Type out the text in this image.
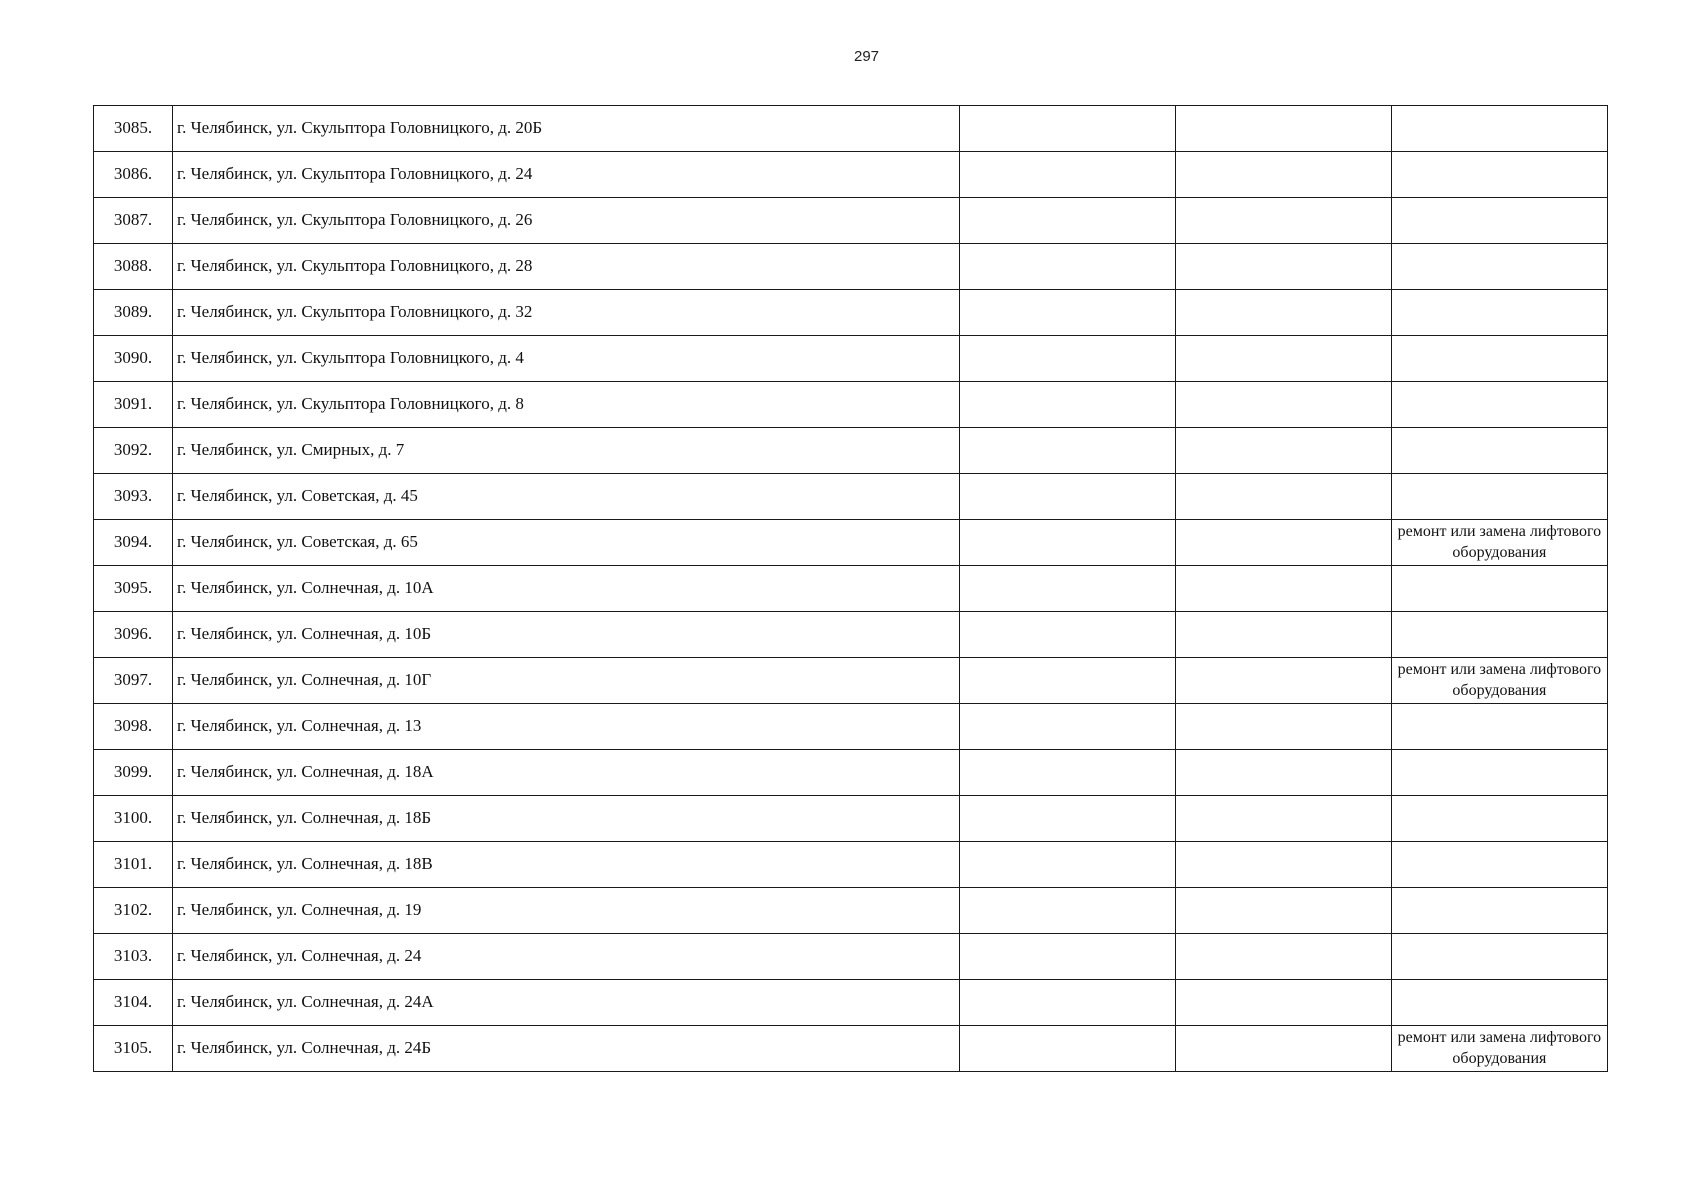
297
3085.	г. Челябинск, ул. Скульптора Головницкого, д. 20Б			
3086.	г. Челябинск, ул. Скульптора Головницкого, д. 24			
3087.	г. Челябинск, ул. Скульптора Головницкого, д. 26			
3088.	г. Челябинск, ул. Скульптора Головницкого, д. 28			
3089.	г. Челябинск, ул. Скульптора Головницкого, д. 32			
3090.	г. Челябинск, ул. Скульптора Головницкого, д. 4			
3091.	г. Челябинск, ул. Скульптора Головницкого, д. 8			
3092.	г. Челябинск, ул. Смирных, д. 7			
3093.	г. Челябинск, ул. Советская, д. 45			
3094.	г. Челябинск, ул. Советская, д. 65			ремонт или замена лифтового оборудования
3095.	г. Челябинск, ул. Солнечная, д. 10А			
3096.	г. Челябинск, ул. Солнечная, д. 10Б			
3097.	г. Челябинск, ул. Солнечная, д. 10Г			ремонт или замена лифтового оборудования
3098.	г. Челябинск, ул. Солнечная, д. 13			
3099.	г. Челябинск, ул. Солнечная, д. 18А			
3100.	г. Челябинск, ул. Солнечная, д. 18Б			
3101.	г. Челябинск, ул. Солнечная, д. 18В			
3102.	г. Челябинск, ул. Солнечная, д. 19			
3103.	г. Челябинск, ул. Солнечная, д. 24			
3104.	г. Челябинск, ул. Солнечная, д. 24А			
3105.	г. Челябинск, ул. Солнечная, д. 24Б			ремонт или замена лифтового оборудования
